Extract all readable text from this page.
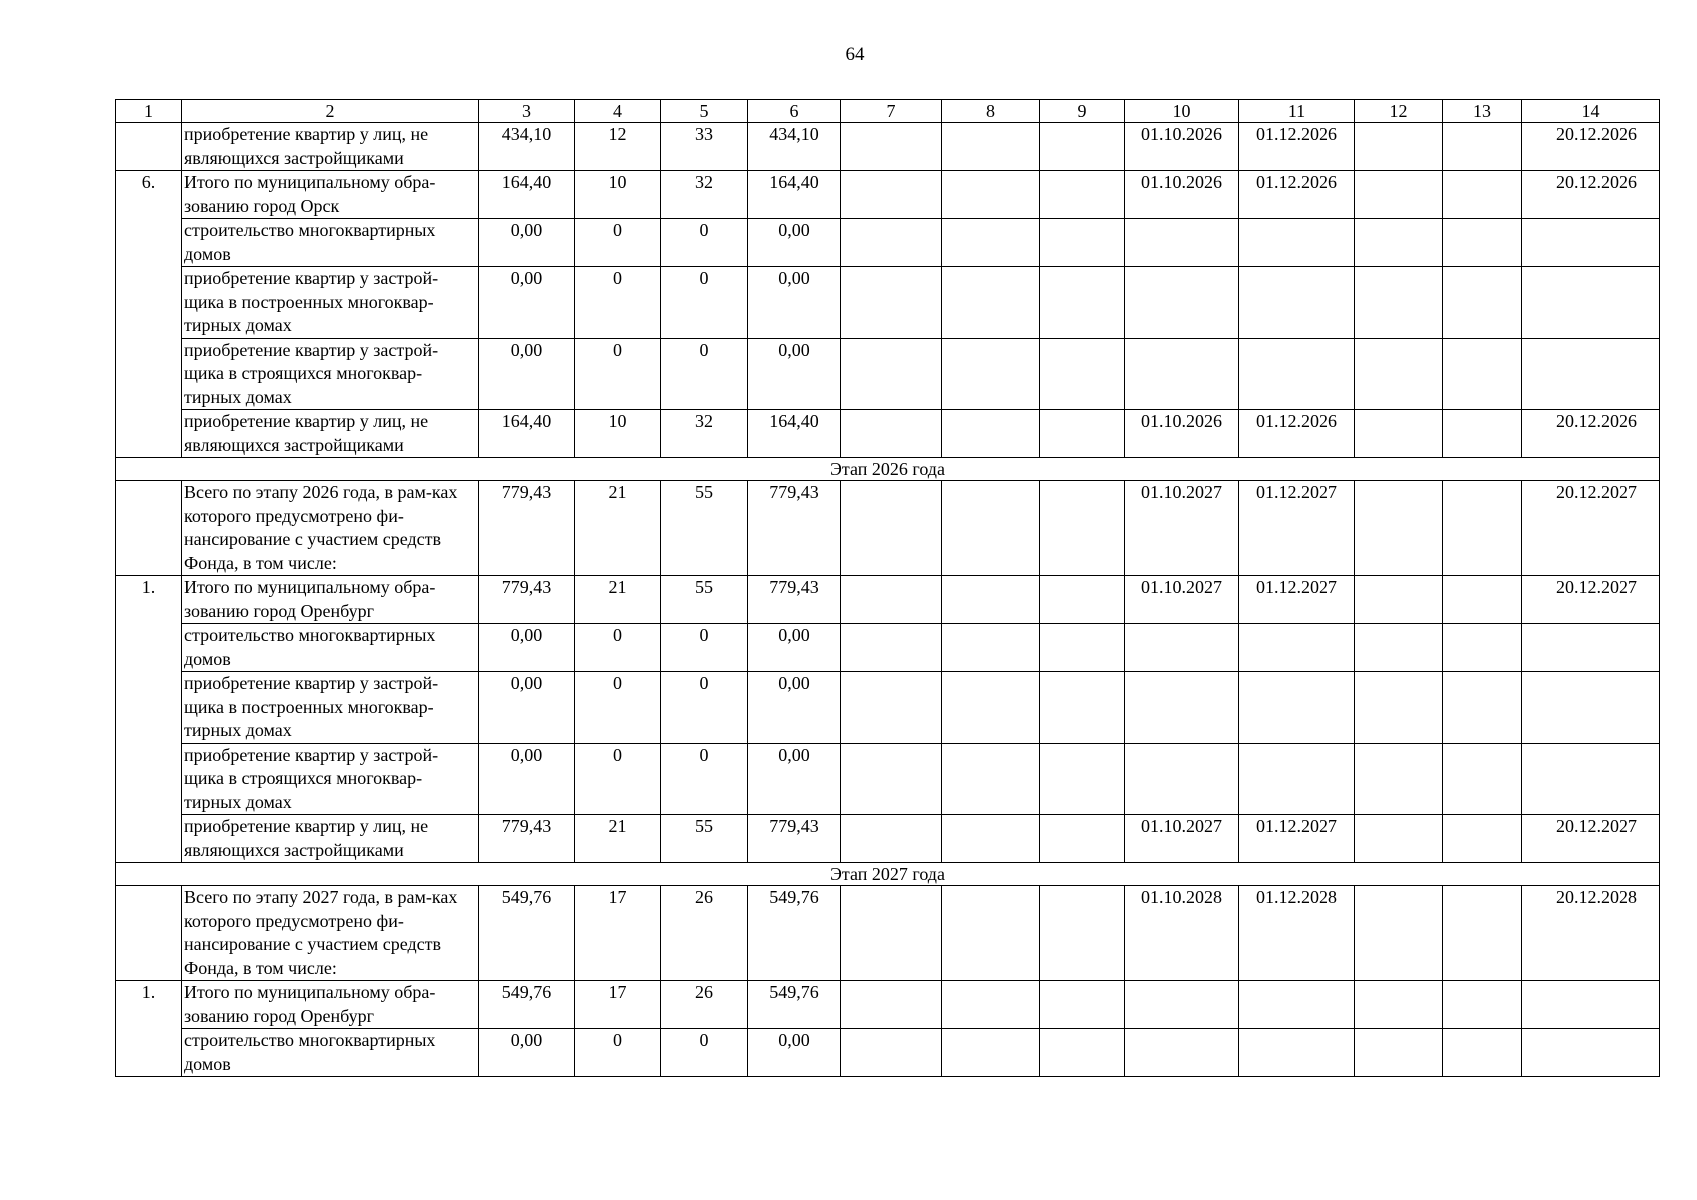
64
1	2	3	4	5	6	7	8	9	10	11	12	13	14
	приобретение квартир у лиц, не являющихся застройщиками	434,10	12	33	434,10				01.10.2026	01.12.2026			20.12.2026
6.	Итого по муниципальному обра-зованию город Орск	164,40	10	32	164,40				01.10.2026	01.12.2026			20.12.2026
	строительство многоквартирных домов	0,00	0	0	0,00								
	приобретение квартир у застрой-щика в построенных многоквар-тирных домах	0,00	0	0	0,00								
	приобретение квартир у застрой-щика в строящихся многоквар-тирных домах	0,00	0	0	0,00								
	приобретение квартир у лиц, не являющихся застройщиками	164,40	10	32	164,40				01.10.2026	01.12.2026			20.12.2026
Этап 2026 года													
	Всего по этапу 2026 года, в рам-ках которого предусмотрено фи-нансирование с участием средств Фонда, в том числе:	779,43	21	55	779,43				01.10.2027	01.12.2027			20.12.2027
1.	Итого по муниципальному обра-зованию город Оренбург	779,43	21	55	779,43				01.10.2027	01.12.2027			20.12.2027
	строительство многоквартирных домов	0,00	0	0	0,00								
	приобретение квартир у застрой-щика в построенных многоквар-тирных домах	0,00	0	0	0,00								
	приобретение квартир у застрой-щика в строящихся многоквар-тирных домах	0,00	0	0	0,00								
	приобретение квартир у лиц, не являющихся застройщиками	779,43	21	55	779,43				01.10.2027	01.12.2027			20.12.2027
Этап 2027 года													
	Всего по этапу 2027 года, в рам-ках которого предусмотрено фи-нансирование с участием средств Фонда, в том числе:	549,76	17	26	549,76				01.10.2028	01.12.2028			20.12.2028
1.	Итого по муниципальному обра-зованию город Оренбург	549,76	17	26	549,76								
	строительство многоквартирных домов	0,00	0	0	0,00								
